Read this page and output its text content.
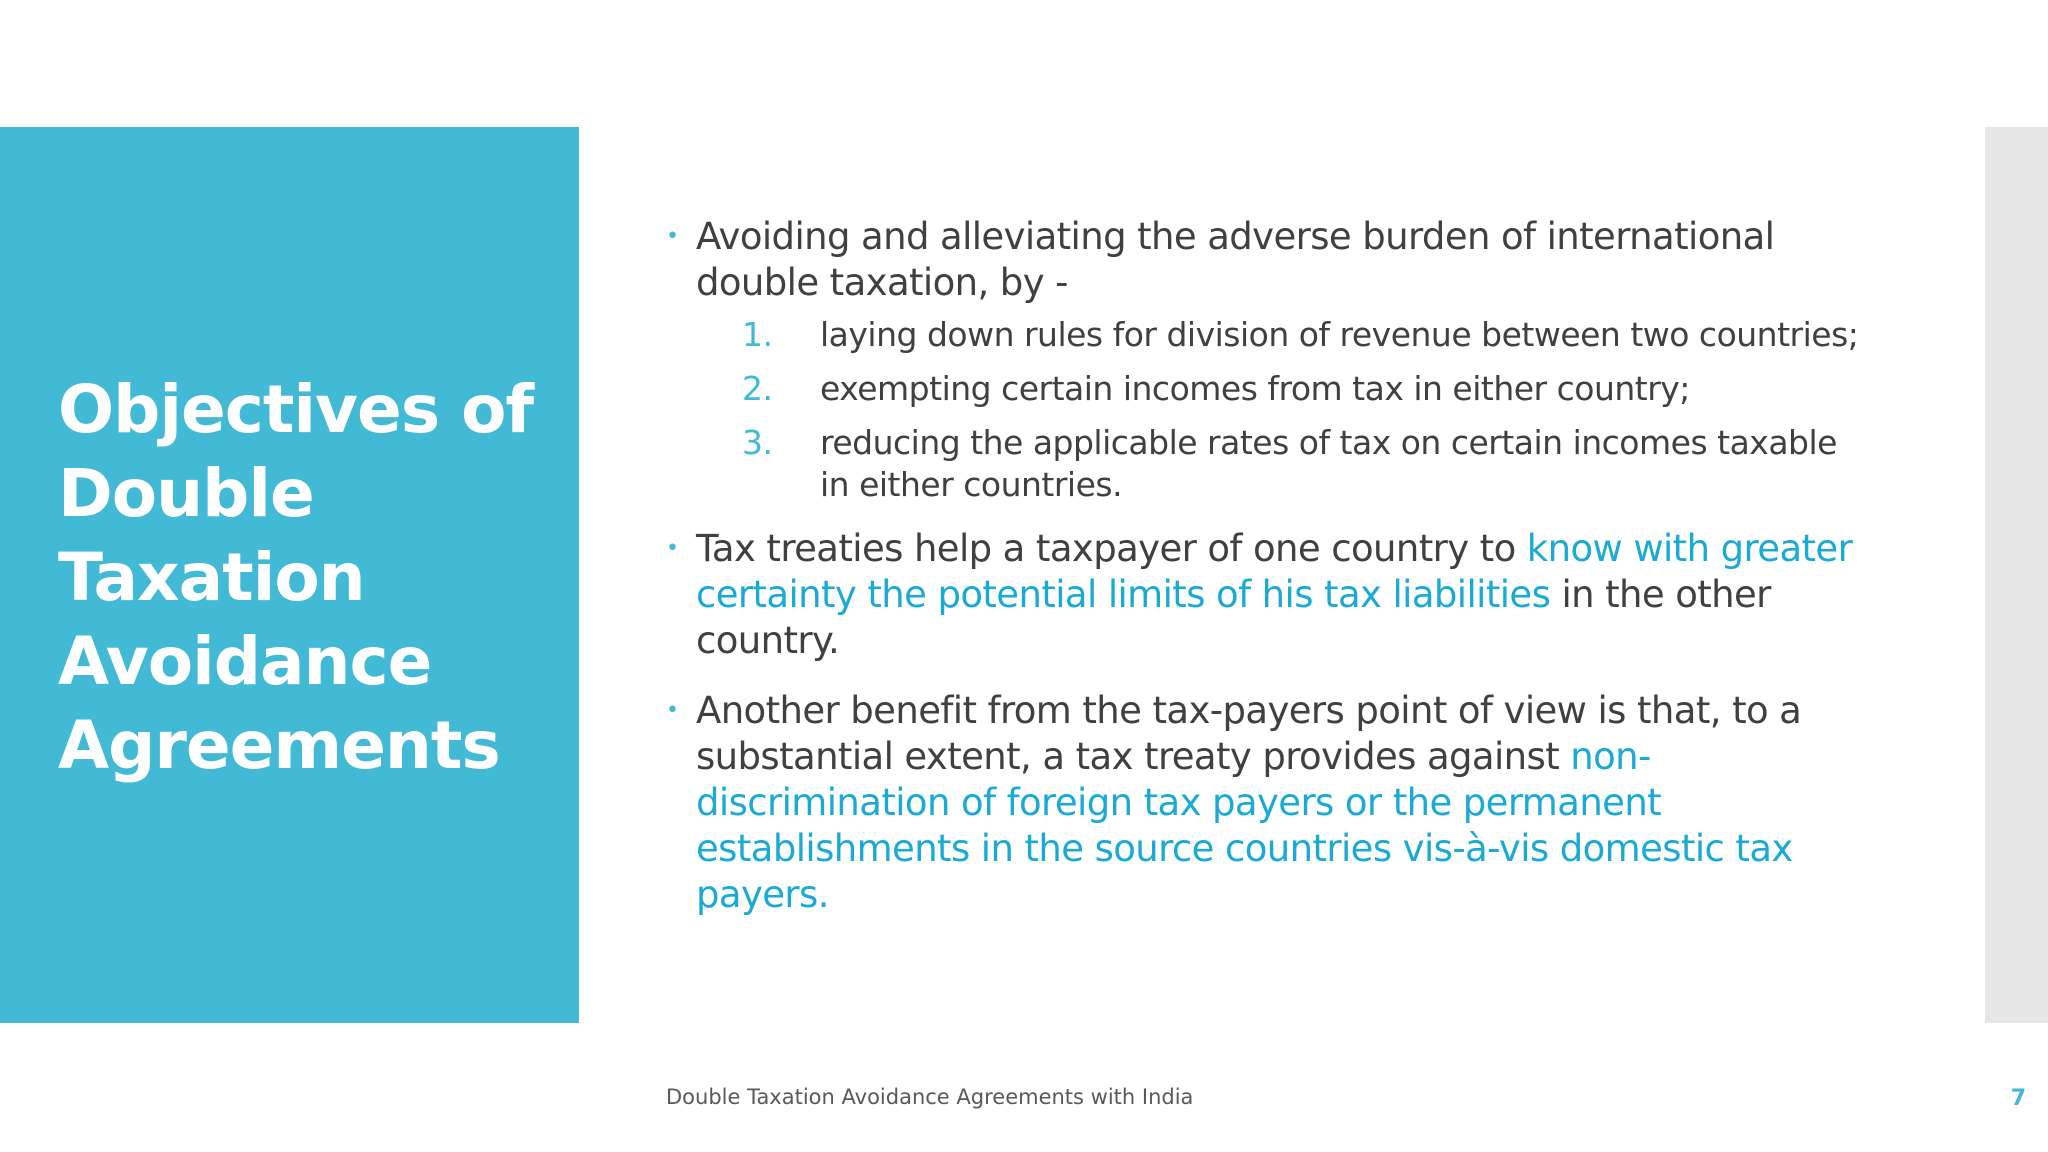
Objectives of
Double
Taxation
Avoidance
Agreements
• Avoiding and alleviating the adverse burden of international double taxation, by -
1. laying down rules for division of revenue between two countries;
2. exempting certain incomes from tax in either country;
3. reducing the applicable rates of tax on certain incomes taxable in either countries.
• Tax treaties help a taxpayer of one country to know with greater certainty the potential limits of his tax liabilities in the other country.
• Another benefit from the tax-payers point of view is that, to a substantial extent, a tax treaty provides against non-discrimination of foreign tax payers or the permanent establishments in the source countries vis-à-vis domestic tax payers.
Double Taxation Avoidance Agreements with India	7
